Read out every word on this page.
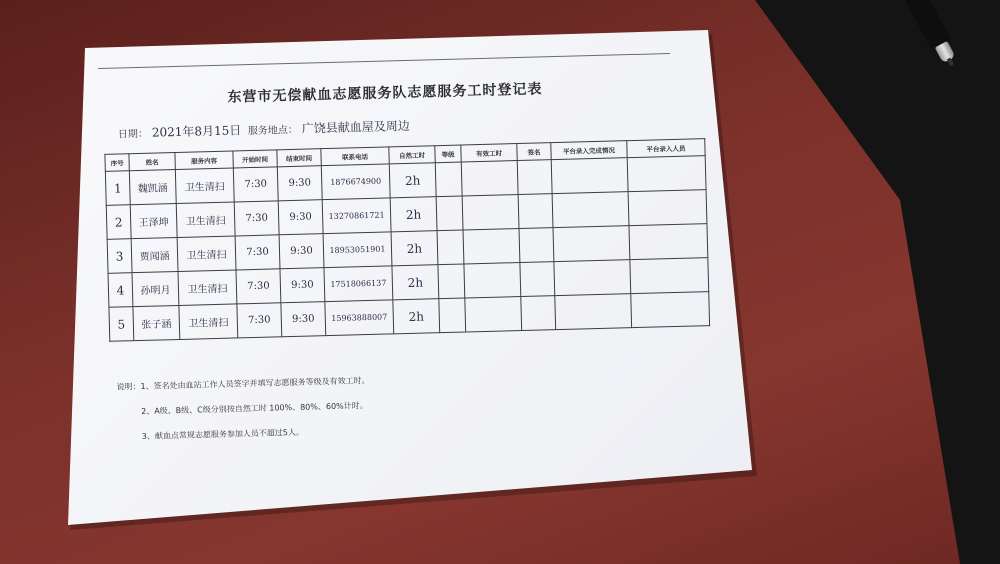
东营市无偿献血志愿服务队志愿服务工时登记表
日期： 2021年8月15日 服务地点： 广饶县献血屋及周边
序号	姓名	服务内容	开始时间	结束时间	联系电话	自然工时	等级	有效工时	签名	平台录入完成情况	平台录入人员
1	魏凯涵	卫生清扫	7:30	9:30	1876674900	2h					
2	王泽坤	卫生清扫	7:30	9:30	13270861721	2h					
3	贾闻涵	卫生清扫	7:30	9:30	18953051901	2h					
4	孙明月	卫生清扫	7:30	9:30	17518066137	2h					
5	张子涵	卫生清扫	7:30	9:30	15963888007	2h					
说明：1、签名处由血站工作人员签字并填写志愿服务等级及有效工时。
2、A级、B级、C级分别按自然工时 100%、80%、60%计时。
3、献血点常规志愿服务参加人员不超过5人。
